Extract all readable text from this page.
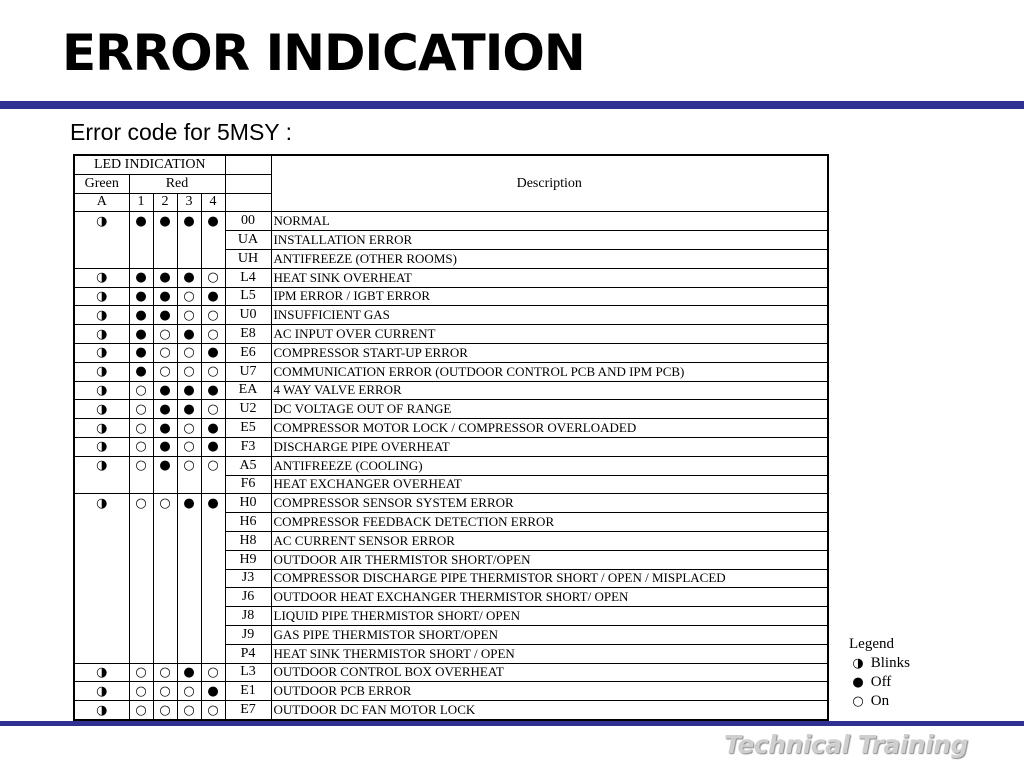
ERROR INDICATION
Error code for 5MSY :
LED INDICATION						Description
Green	Red					
A	1	2	3	4		
◑	●	●	●	●	00	NORMAL
					UA	INSTALLATION ERROR
					UH	ANTIFREEZE (OTHER ROOMS)
◑	●	●	●	○	L4	HEAT SINK OVERHEAT
◑	●	●	○	●	L5	IPM ERROR / IGBT ERROR
◑	●	●	○	○	U0	INSUFFICIENT GAS
◑	●	○	●	○	E8	AC INPUT OVER CURRENT
◑	●	○	○	●	E6	COMPRESSOR START-UP ERROR
◑	●	○	○	○	U7	COMMUNICATION ERROR (OUTDOOR CONTROL PCB AND IPM PCB)
◑	○	●	●	●	EA	4 WAY VALVE ERROR
◑	○	●	●	○	U2	DC VOLTAGE OUT OF RANGE
◑	○	●	○	●	E5	COMPRESSOR MOTOR LOCK / COMPRESSOR OVERLOADED
◑	○	●	○	●	F3	DISCHARGE PIPE OVERHEAT
◑	○	●	○	○	A5	ANTIFREEZE (COOLING)
					F6	HEAT EXCHANGER OVERHEAT
◑	○	○	●	●	H0	COMPRESSOR SENSOR SYSTEM ERROR
					H6	COMPRESSOR FEEDBACK DETECTION ERROR
					H8	AC CURRENT SENSOR ERROR
					H9	OUTDOOR AIR THERMISTOR SHORT/OPEN
					J3	COMPRESSOR DISCHARGE PIPE THERMISTOR SHORT / OPEN / MISPLACED
					J6	OUTDOOR HEAT EXCHANGER THERMISTOR SHORT/ OPEN
					J8	LIQUID PIPE THERMISTOR SHORT/ OPEN
					J9	GAS PIPE THERMISTOR SHORT/OPEN
					P4	HEAT SINK THERMISTOR SHORT / OPEN
◑	○	○	●	○	L3	OUTDOOR CONTROL BOX OVERHEAT
◑	○	○	○	●	E1	OUTDOOR PCB ERROR
◑	○	○	○	○	E7	OUTDOOR DC FAN MOTOR LOCK
Legend
◑ Blinks
● Off
○ On
Technical Training
